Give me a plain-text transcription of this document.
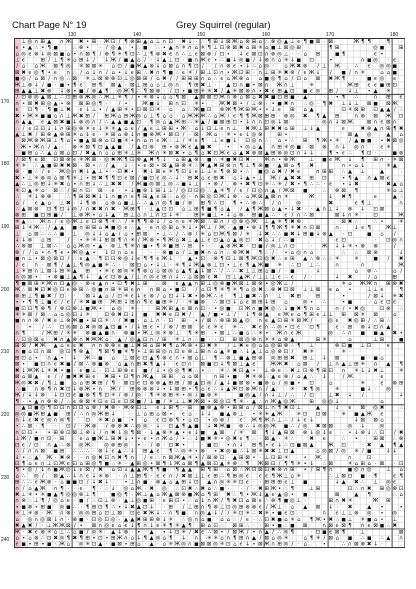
Chart Page N° 19	Grey Squirrel (regular)
130	140	150	160	170	180
170
180
190
200
210
220
230
240
⊥ ◎ ∩ ⊞ ▲ ∩ Ж ✖ • ⊞ · Ж ⊡ ∕ ¶ ⊗ ⊞ ▲ ⌂ ⊥ ∩ ⊡ ✖ ↓ · ∴ ¶ ⊞ ↓ ⊠ Ж ⌂ ⊗ ⊞ ⌂ ∴ ⊗ ◎ ▲ ⊥ ϵ ¶ ◼ ⊠ · ⊠	Ж ¶ ¶	¶ ·
ϵ • ▲ ∴ • ¶ ◼	∴ ⊗ • · ∕ ◎ ▲ · • ∴ ◼ ∴ • ▲ ∩ ✳ ∩ ⌂ ✳ ¶ ⊥ ⊡ ⊗ ⊠ ✖ ⌂ ⊞ ✳ ⌂ ◼ ⊥ ⊠ ◎ ⊞	¶ ⊞	◎ ◼	⊞
⌂ ◎ ϵ ⊗ ↓ ◎ ⊠ ◼ ⌂ • ∩ ⊠ ¶ ∕ ⊗ ¶ ✳ ¶ ⊡ ∴ ⊥ ¶ ⊗ ✖ ϵ ∩ ∴ ⊥ ϵ ⊠ ⊗ ∕ ⊡ • ↓ ϵ ⊠ ⊡ ∩ ⊗ ◎ ⊥ · · ⌂ ⊞	◼ ¶	ϵ •
⊥ ϵ · ⊞ ∕ ⊥ ¶ ✳ ⌂ ⊞ ↓ ∕ ↓ Ж ∕ ◼ ▲ ⌂ ∕ · ↓ ▲ ⊥ ⊡ · ◼ ∩ Ж ϵ • ∴ ◼ ↓ ◎ ◼ ∕ ↓ ⊗ ∩ ⌂ ✳ ↓ ◼ ⊡	•	∩ ◼ ◎ · ϵ
∕ ⌂ ⌂ Ж ⊠ ¶ ◎ ✳ ⊠ ⊠ ✳ ⌂ ⊡ ∕ ◼ Ж ▲ ⊗ ↓ ⌂ ⊠ ⌂ ∩ ¶ ⊡ ∕ ∕ ∩ ⊗ ϵ • ↓ ∴ ⌂ ◎ · ⌂ Ж ✖ ⊗ ∕ ⊥ Ж	∴ ϵ ◎ ◎ ◼
⊠ ✖ ϵ ◎ ¶ • ϵ ∩ ∴ ∕ ⌂ ↓ ∩ ∕ ⌂ • ↓ ϵ ⊞ ∴ ✖ ∩ ¶ ◼ ∴ ϵ ✳ ∕ ⊞ ⊥ ⊡ ∩ • Ж ⊡ ⊞ · ∩ ⊥ ⊞ ✳ ✖ ⊗ ∕ ϵ Ж ↓ ∕ ◼ ∕ ∩ ✳	⌂ ⌂ ◼
◼ ◎ ∕ ⌂ ⊠ ∕ ∩ ◎ ∴ ⊠ ✳ ⊥ ⊠ ⊗ ⊗ ⊡ ⊥ ◎ ⊠ ⊞ ∕ ⌂ ✖ ∕ ∕ ⊞ ⊞ ⊞ ∩ ⌂ ∴ ϵ ⌂ Ж ⊗ ⌂ ⌂ ◼ ◎ ¶ ⌂ ∕ ⊡ ⌂ ⊠ ✖ Ж ¶ · ◼ ϵ ◎ ϵ
Ж ⊥ ⊗ ↓ ∕ ◼ · ◼ • ¶ ϵ ⊞ ¶ ⊠ ▲ · ⊠ ⊥ ⊞ ⌂ ⌂ ⊥ ◎ ∩ ¶ ⊞ ✖ ⊥ · ▲ ⊡ ∩ ◼ • ⊠ ∩ Ж ∩ ⊥	✳	Ж ⊞ ϵ ϵ ◼ ⊞ ⊡
⊞ ▲ ▲ ⊥ ✖ ⊗ ↓ ⊗ • ◼ ∕ ⊗ ▲ ¶ ◎ Ж ¶ ∴ ¶ ⊠ ⊗ · ∕ ⊡ • ◼ ⊞ ✳ ✳ ✖ ∕ ▲ ✳ ⊠ ⊗ ∩ • ✖ ϵ ⊞ ▲ ⊡ ◼ ϵ ◎ ⊞ ∕ ↓ ⊥ • ▲ ✳
∕ ⊡ ⊗ ◎ ▲ ⊠ ⊥ ∴ ⊡ ⊞ ⊗ Ж ◎ ∴ Ж ⊥ ✳ ¶ ∕ • ✳ ⊗ ↓ ⌂ ⌂ ¶ ⊠ ▲ ⊠ ⊠ ⊡ Ж ∩ ⊗ ⌂ ⊠ ⌂ ✖ ✖ ◼ ⊡ ⊞ ◼ · ▲	· • ¶ ∴	∩ ⊞ ϵ
∩ • ⊠ ✖ ⊞ ◎ ▲ • ⊗ ⊠ ⊞ ◎ ¶ · ∕ •	Ж ◼ ↓ ⊞ ∩ ⊡ ✳ •	Ж ✖ ⊠ • ∕ ⊥ ⊗ · • ◼ ✖ ∩ ∴ ◎ · ¶ ✖ ⊥ ↓ ⊥ ⊠ ◼ ⊠ Ж
ϵ ⊡ ¶ · ¶ ◼ ⊥ ✖ ϵ ↓ ⊥ • ∕ ▲ ⊞ ✳ • ⊡ ⊠ ⊡ ✳ · ⌂ ⌂ ∴ Ж ◼ ⊡ ⊗ Ж ¶ Ж ⊞ Ж • • ↓ ϵ ⊞ ⌂ ▲	⊡ ✳ ⊠ ⊞ ⊡ ▲ ▲ ∕ ∴
✖ • Ж ✳ ◼ ◼ ⌂ ∩ ⊥ Ж ✖ ⊞ ∕ ⊞ Ж ⌂ ⊞ Ж ◎ ⌂ ⊥ ¶ ⌂ ⌂ · ⌂ Ж Ж Ж ∴ ⌂ Ж ∕ ϵ ¶ ¶ Ж ⊠ ⊞ ⊞ · ⊗ ◎ ✖ ¶ ▲ ⊞	∩ ⊗ ⊠ Ж ⊡
∩ ▲ ▲ ϵ ▲ ⊠ ✖ ◼ ↓ ⊗ ◎ ∩ ∕ ∴ ▲ ▲ ◼ ▲ ⊡ · ¶ ◎ ⌂ ▲ Ж ⊞ ∴ ✳ ▲ ∕ ◼ ⊠ ⊞ ⊡ • ↓ ∩ ∩ ⊡ ◎ ↓ ⊠	· ◎ ∩ ↓ ⊠ Ж	⊠ ∩ ϵ ⊠ ∩
∴ ∕ ϵ ⊡ ⊡ ↓ ↓ ∩ ⊞ ◎ ⊗ ✳ ϵ ↓ ✳ ✳ ▲ ⌂ ϵ ∕ ▲ ϵ ⊥ ⊞ ⊞ • Ж · ⌂ ↓ ⊡ ⊥ ϵ ∩ ⊥ · ✖ Ж ⊥ ⊞ ✖ ✖ ⌂ ⊞ ⊥ ↓ ▲	ϵ	✖ ⊗ ▲ ∩ ⊞ ¶ ✖
▲ ⊥ ✖ ∕ ⊞ ⊗ ▲ ⊗ ⊞ ✳ ⌂ ↓ ϵ · ✳ ⊞ ⌂ ⊗ ↓ ∩ ◼ ⊗ Ж • ⊠ ⊡ ∕ · ⊠ · Ж ⌂ · ✳ • ϵ ↓ ◎ ⊗	⊞ •	⊠ ▲ ◎	▲ ⌂
⊠ Ж ⊗ Ж ⊞ ⊥ ¶ ⌂ • ◼ ▲ ⊠ ⊗ ⌂ ⊡ ◼ ✳ • ∩ ⌂ ∩ ϵ Ж ∴ ⊥ ∕ ✳ ϵ ¶ ⊥ ϵ ◼ ↓ ⊡ ◎ ∩ ∴ ⌂ • ∴ ⊞ ¶ Ж • ✳ ∕ ▲ ◼ ◼ • ✖ ⊠ ◎
· Ж • Ж ∩ ∕ ▲ · ⊗ ✳ ⊠ ¶ ⊡ ▲ ▲ ◼ ∕ ▲ ⊡ ⊗ ⊞ • ⊗ Ж ϵ ▲ ◼ ✖	• • ◎ ⌂ ▲ ∩ ⊞ ✳ ◎ ◼ ⊠ ⊗ ∩ ↓ ◎ ∩	ϵ ✳ ·
◼ ⊞ ⌂ ∴ ▲ ⌂ ⊠ ⌂ ⊡ ∕ ✖ ▲ ∩ ⌂ ⌂ ⊞ ✳ ⊥ ✳ Ж ∩ ✳ ⊠ ✖ • ⌂ ¶ ⌂ ✖ ⊡ Ж ϵ ⌂ ▲ ✖ ⊗ ⊠ ▲ ⊞ ⊗ ◎ ⊡ ∩ ↓ ↓	¶ • ϵ ∴ ¶ ⊡ · · ◼ ⊗
∕ ⊠ ¶ ϵ ⊠ ⊡ ⊠ ⊗ ϵ ✳ Ж ⊠ · ◎ ✖ Ж ¶ ⊡ ⊗ ▲ ✖ ¶ ↓ ⌂ ⊞ ▲ ⊗ ∴ ◼ ∴ ✳ ◼ ✖ ⊡ ✖ · Ж ∩ • ⊗ Ж	⊥ ◼ ϵ Ж ↓ ¶ ⊞ ∩ · ✳ ⊠
✳ ✳ ∴ ▲ ◼ ⊞ ✖ ✖ ⊠ · ⊠ • ∴ ∕ ▲ ↓ · • ϵ ⊠ • ⊠ ▲ ⊞ ⊗ ✳ ∴ ✖ ▲ ✖ ⊞ ⊗ ∩ ¶ ⊥ ¶ ⊗ ◼ · ▲ ⊠ ⌂ ¶ ✖	∩ • ⌂ ↓	✳ ▲
⊗ · ◼ ∴ ∕ ϵ · Ж ◎ ∩ ✖ ↓ ▲ ⊥ • · ⊡ ✖ • · ✖ ↓ ⊠ ϵ ✳ ¶ ⊡ ↓ ϵ ⊥ ⊥ ϵ ¶ ⊗ ⊠ • ∴ ◼ ◎ ⌂ ✖ ∕ ✖ ϵ	∩ ⊞ ⊞ ∴ ▲ ⊥	▲	·
✖ • ⊥ ✳ ⊗ ◎ ⌂ ⊠ ¶ ✳ ⊥ • ⊞ ✖ ¶ ¶ ⊡ ϵ ⊠ ∕ ◼ ⊡ ϵ ◎ ∴ ↓ · ⊞ ✖ ⌂ ϵ ⊞ ✖ · ⌂ ↓ ▲ • ⊥ Ж ∕ ▲ ✖ ✖ ⊞ ⊡	• ¶ ▲ ∩ ▲ ⊠ ϵ
▲ ∴ ⊥ ◎ ⊞ ↓ ✳ ✖ ⌂ • ∩ ⊞ ↓ ∴ ⊥ ✖ ✖ ∕ Ж ◼ ◎ ⊠ ⊥ ◎ ∴ ◼ ↓ ⊥ • ⊗ ∕ ⊗ • ✖ ¶ ⊡ ✳ ∴ ✳ ∕ ✖ • ¶ ∴ ∴ · ϵ • ↓ ✖	✖ ▲ ⌂
✳ ⊡ ▲ ✳ ⌂ ⊠ ∴ ∕ ⊞ ∩ ⊡ ⊠ · ϵ · • ↓ ◼ ⊗ ↓ ⊞ ↓ ⊥ ∕ ◎ ⊡ ⊡ ◎ ∴ ▲ ✳ ¶ ∕ ϵ ∕ ⊡ ◎ ∩ ▲ ∕ Ж ⊠ ◼	∴ ⊗ ⊠ ¶	✳ ⌂ ⊥
∴ ✳ ↓ ⊗ ⊗	∴ ¶ ⊞ ⊠ ✖ ↓ ↓ ∩ ◼ ∩ ϵ ¶ ⊞ ▲ ϵ ⊞ ∴ ⌂ ◎ · ∩ ⊞ ◎ ⊡ Ж ↓ ⊗ · ⌂ Ж ⊠ ▲ ⊠ ∩ ✳	Ж	↓ ✖ ¶	ϵ	▲ ∴
⌂ ∕ ϵ ▲ ⌂ ⊥ ✖ · ↓ ¶ ⊗ ⌂ ⊗ ⌂ ◼ ⊥ ∴ ∴ ▲ ∩ ◎ ¶ ◼ ∕ ⊗ ⊞ ¶ ∴ ⊡ ¶ • ∴ ⊗ ∴ ∕ ∩ · ◎	✖	ϵ ¶ ⊥	∩
∴ ▲ ⊠ ⊗ ⊡ ¶ ⊡ ↓ ◎ ∕ ∩ ✖ ✖ ∩ ✖ · Ж ⊞ ¶ · ⊥ ▲ ⊡ ⊡ ⌂ ⊥ ⊞ ¶ ◼ ¶ ⌂ ▲ ∕ ▲ ¶ Ж ⊠ ⌂ ▲ • ↓ ✖ · ▲ ∩ ⊥ ↓ ⊗ ↓ ⊡ ⊠
⊗ ⊞ ◼ ⊡ ⊞ ◼ ∕ ⊥ ⊗ Ж • ⌂ ↓ ▲ · ⊞ ⊥ ⌂ ∩ ⊥ ∩ ⊡ ↓ ✳ · ⊞ ✳ ◼ ⊥ • ↓ ⌂ ⊗ · ⊞ ◼ ▲ ∴ · ϵ ∕ ∩ ∴ ⊠	⊠ ↓ ∩ ✳	⊡	Ж
✳ ▲ ∴ Ж ∩ ∕ ϵ ◎ Ж ⊥ ϵ ⊡ ⊗ ¶ ✳ ∴ ∕ ✳ ¶ ¶ ⊗ ↓ ∕ ⌂ ∩ ϵ ✳ Ж ⊠ ∴ ⊞ ∩ ∕ ◎ ⊗ ◎ Ж ⊥ ▲ ✳ ¶ ✖ ⊗	⊠ ✖ ∴	∴ •	✳
⊞ ↓ ✳ Ж ∴ ∕ ▲ ▲ ◼ ∩ ⊞ ⊞ ⌂ ✖ ◼ ◎ ϵ ∴ ▲ · ϵ ∩ ◎ ⊞ ⌂ ✳ ↓ • Ж ⊥ ∕ Ж · ▲ ◼ • ⊗ ↓ ¶ ¶ Ж ¶ ✳ ✖ ∩ ⊡ ⊠	∩	↓ ϵ ¶	Ж ⊥
⊥ ⌂ ⊠ ∴ ∴ ∴ ◼ · ⊥ ◎ ↓ ↓ ⌂ ▲ ∕ ⌂ • ⊞ ⊠ • ⊥ ∴ ∕ ∴ ⊗ ∕ ✳ ⌂ ⊡ Ж ¶ ⊠ ∕ ✳ ↓ ✖ ∴ ∴ ◼ ✖ ↓ ⊞ ◼ ↓ ⊗ ▲ · ⊡	◼ ⌂ ∕
↓ ↓ ⊗ ⌂ ⊞	∕ · • ✳ ✳ ↓ ⊞ ⊠ ¶ ∩ ✳ ∕ Ж ⊗ • ¶ Ж ⌂ ✖ ⊥ ▲ ⊥ ϵ ⊡ ▲ ⌂ ▲ ◎ ⊡ ✖ ⌂ ↓ ∕ ∴ ◼	ϵ ⊡	· ⊡ ◎ ∩
∴ ⊗ ⊠ ⊥ ⊠ ∴ · ⌂ ⌂ Ж ◎ • ▲ · ⊗ ⊥ ¶ ✳ ∩ ◼ • ¶ ✳ ◼ ⊞ ∴ ⊞ • · ▲ ⊗ Ж ✖ · ⊡ ◼ ∕ ◎ ⊥ ∩ ⊡	· Ж ↓ ↓ ✳ • ⊗ ⊗	∕
⊗ ∕ ∕ ⌂ • ∩ ¶ ϵ • Ж ◎ ▲ • ↓ ⊡ ∩ ⌂ ϵ	· · ⊗ ◼ ⌂ ∕ ⊥ ◼ ✖ ∩ ⌂ ∩ ∴ ⊗ Ж ✖ ¶ ∴ ∕ • ⌂ ◎ ∩ ⌂	∴ ∴ ⊠ ⊗	↓
◼ ∩ ⊥ • ⊠ ◎ ⊠ ⊡ ∕ ∴ ϵ ▲ ∴ ¶ ⊡ ⊡ ⊗ ◎ ↓ ϵ ¶ ¶ ϵ Ж ↓	▲ • ⊡ ⊗ ¶ ⊡ ⊥ ⊠ ¶ Ж ⊡ ◎ ✖ ∴ ϵ ⊞ ▲ ∴ ⊗ ∴ ∴ ✳	✳	◼ ∕ ✖
∕ ϵ ∩ · ⊠ ¶ ∕ ▲ ⊥ ¶ ◎ ▲ ◼ ✳ ∴ · · ⊠ ⊡ ⌂ • ↓ ⊥ · ✳ ¶ ↓ Ж ▲ ⊗ ⊥ ⊡ • ⊥ ϵ ¶ ▲ Ж ◼ ✳ ∴ ⊡ ⊥ ∴	∩	∩	Ж
⊥ ✳ ⊞ ∩ ⊥ ⊠ ↓ ⊞ ✳ ▲ ⊞ • ✳ ϵ ⊠ ◎ ✳ ¶ ⊗ ⌂ ⌂ ⊠ ◎ ⌂ ▲ ¶ ▲ ↓ ⊠ ∴ ∕ ∴ ∴ ✖ ⊥ ⊥ ⊞ ⌂ ◼ ∕ · ◼	↓	⌂ ⊗ ∴	⌂ ∕
∩ ◎ ⊠ • • ⊗ ◼ ⊥ ▲ ¶ ↓ ▲ ϵ ⊡ ⊗ ▲ ∕ ⊥ ∩ ◎ ϵ ⊞ ∩ ↓ ∴ ⌂ ⊠ ⊠ ϵ ✖ ⊡ ⊥ ▲ Ж ∕ ⊥ ⊥ ⊥ ϵ ∴ ϵ ∕ ·	↓ ✖	∕ ⌂	⊞
¶ ◼ ⊠ ⊞ ✳ Ж ∩ ⊡ ▲ ◎ · ⊗ ϵ ▲ ∩ • ⊡ ¶ ✖ ⊥ ⊞ ∴ ⊠ ϵ ▲ ▲ ∩ ⊞ ⊥ ◎ ⊗ ◼ Ж ⊠ ⊥ ⊠ ⊗ • ◎ Ж ⊥ ∕	✳ ⌂ Ж Ж ∩ ⊞ ⊗ ✖
Ж ∴ ⊠ ✖ ⊡ ✖ ◎ ⊡ ϵ ⊗ ⊞ ∴ ◎ ◼ ∩ ⊞ ✳ ⊞ ϵ ∩ ∩ ⊠ ⌂ • ◼ ⊡ ∕ ⌂ ⊡ ¶ ✳ ¶ ✳ ¶ ⌂ ◎ ✖ ∴ ⊗ ✖ ⊡ ⊠ ⊥ ⊥ ⊠ ϵ ⌂ •	⊥ ⊥ ϵ	¶
⊗ ⊞ ⊥ ¶ ◼ ✖ ∕ ⊡ · · ⊠ ↓ ▲ ⌂ ∕ ⊡ ✳ ϵ ↓ ϵ ⊗ ∕ ⌂ ⊡ ↓ ↓ ✖ • ⊗ Ж ∴ ϵ ¶ ⊥ ◼ ✖ ∴ ∩ ⊥ ✖ ⊞	⊞	•	∕ ⊠ ↓ ✳ ✖
• • ¶ ¶ ⊥ ◼ ϵ ∕ ϵ ∕ ✳ ✖ ◼ ⊞ Ж ⊞ ↓ ⊞ ∩ ¶ ϵ ◼ ⊞ ✳ ∕ · ✳ ◼ ⊗ ∴ ⊠ ⊡ ↓ ⌂ ϵ ⊠ ⊞ ↓ ⊞ ⌂	◎ • ∴	• ◼	⌂ ϵ ⊡ ϵ
◼ ⊡ ⊡ ¶ ⊗ ¶ ∕ ⊗ ⊡ ⊗ ⊥ ◼ Ж • ⌂ ◎ ✳ ·	⊞ Ж ⊞ ▲ ϵ ⊠ ∩ ⊡ · • ◎ ◼ ⊡ Ж ∩ ◼ ✖ ◎ ∴ ↓ ◼ ✖ ¶ ∩ ⌂	∩ ∕ • ✖ ◎	⊡ ⊗ ∴
✳ ✳ ⊠ ∕ ⊠ ∴ ⌂ ⌂ ◎ ⊡ ↓ ✳	⊡ ⊗ ✖ ⊡ ↓ ◼ ✖ ✖ ϵ ⊡ ✖ ∕ ▲ ∕ ◼ • ⊥ ∕ ↓ ¶ ⊗ ▲ ϵ Ж ϵ ⌂ ¶ ⊞ ϵ ⊥ ⊥ ⊞ ⊠ ✳ ⊠	⌂
◼ ∩ ∩ ⊗ ∕ ✖ ϵ ⊥ ⊗ Ж ◼ • ⊞ ⊡ ✳ ∴ ∕ ✖ ◼ · ⌂ ⊥ ∩ · ⊡ ⊞ · • ∕ ⊠ ∴ ⊗ ⊞ ⊠ ▲ ◎ ∩ ϵ ▲ ⊡ ⊞ ✳ ⊠ Ж ∕	◎ ϵ ✖ ◎ ⊞ ∕ ∴ ⊞ ∴
· • ∕ ∴ ⊡ ◎ ⊠ ⌂ ✖ ◎ ⊠ ▲ ⊡ ◼ • ∕ ↓ ⊞ ϵ • ∕ ⊗ ∕ ⊞ ⊠ ϵ ϵ ✳ ϵ ✳ ∴ ✖ ϵ ∩ ∴ ◎ • ⊡ ϵ ⊡ ¶	ϵ · ⊞ ⊗ ↓ ⊡ ∩ ▲ ·
∩ ¶	∕ Ж ⊞ ∕ ✳ ✳ ⊗ ◼ ▲ ◼ ∩ ⊗ ◼ • Ж ⊥ ◎ ✳ ⊗ ⊥ ¶ ✳ ⊞ • ⊠ ⊥ ∴ ◼ ⌂ ∴ ✳ • Ж ∩ ϵ Ж	◎ ∴ ∩ ◼ ◼ ▲ ✖ •
∴ ⊡ ◎ ⊠ ϵ · ✖ ∩ ▲ ⊗ ∩ ✖ Ж Ж ⌂ ▲ ∕ ◎ ▲ ⊡ ∩ ∕ ⊞ ✳ ⊥ ∩ ∴ ◼ · · ⊡ ⊞ ⊠ ◎ ⊗ ∩ ✳ ✳ ⌂ ⊗ ▲	⊞ ✳	⌂	⊥ ⊞ · ◼
⊞ ⊠ ∕ ✖ Ж · ▲ ⌂ ϵ ϵ ✖ ∩ ∩ ⊗ ⊗ ϵ ◼ ⊥ ✖ ⊞ ⌂ ⊞ ✖ ¶ ⌂ Ж ⊗ • ⊡ ✖ ✳ ∕ ⊥ ✖ ϵ ◎ ⌂ ⌂ ◎ ⊞ ⊗ ∴ ¶ ⊥	⊗ ⊡ ◼ ⊥ ⊡	ϵ
∩ ◼ ⌂ ⊡ ∩ ⊠ ◎ ⊡ ¶ ⊗ ▲ ¶ ⊠ ¶ ◼ ✳ ¶ • ⊥ ⊞ ⊞ ◎ ∩ ⊡ ϵ ⊗ ⊥ ⊞ ∩ ⌂ ▲ ✳ ◼ ∴ ↓ ▲ ⊥ ⌂ ◎ ⊗ ⊡ ∕ ✖ ✳	· ✳ ·
⊞ ⊡ ⌂ • ∩ ▲ • ↓ Ж ∴ ◼ ⌂ ⊥ ⊠ ϵ ⊡ ▲ ¶ ⊗ ϵ ∩ • ⊠ ⌂ ⊥ ¶ ∴ ⊗ ⊥ ◼ ▲ ⊞ ⊗ ◎ ⊞ ⊞ ✖ ⊞ ⊥ ↓ ⊠	◼ · ◼ ⌂
⊠ • ◼ ⊡ ∩ ϵ ✖ ◼ ∕ ⊠ ∴ ⊗ ◼ ⊗ ⌂ ▲ ∩ ⊞ ✖ ¶ ▲ ↓ ϵ ⊡ ∩ ⊠ ◼ ⊡ ↓ ¶ ⊠ ⊥ ▲ ϵ	Ж Ж ✖ · ⌂ ⊠ ∕ ⊥ ∩ ▲ ⊥ ⊞ ✳ ∩ ▲ ¶
✖ ↓ Ж Ж ↓ ✳ ✖ • ◼ · ϵ ◼ ⊥ · ⊡ ⊥ ⊞ ⊗ ϵ ◼ ∕ ↓ • ◎ ◎ ¶ ✖ ∴ • ∴ ✳ ∴ ✖ ⊡ ▲ • ⊥ ⊗ ϵ ∴ ✖ ⊥ ⊡ ⊗ ¶ ⊞ ⊡ ∩ ✳ ↓ ↓ ✖ ⊥	✳
⊠ ⌂ ⊠ ▲ ϵ ∕ ∕ ◼ ✖ ✖ ⊞ ϵ ✖ ⊞ • ⊡ ¶ ∩ Ж ▲ ⊞ ⊞ ⌂ ⌂ ⊠	∩ ⊞ • ◼ ✖ ✳ ⊗ ∴ ▲ ϵ ⊗ ∕ ⌂ ▲ ∴ ↓	∕ Ж	ϵ
Ж ◎ ✖ ✖ ∕ ¶ ⊥ ◼ ⌂ ⌂ ⊞ ✖ ⊞ ∕ ¶ · ⊠ ⊡ ϵ ⊡ ⊗ ⊗ ▲ ⊞ ⊞ ∕ ⊠ ▲ ⊡ ◎ ∕ ▲ ↓ ◼ ⊠ ⊗ • ◼ ⊗ ⌂ ∕ ◎ ◼ • ⊡	⌂	✳	ϵ ⊗ ⊞
∴ ◼ ∩ ⊗ ¶ ∩ ✖ ⊡ ↓ ⊗ Ж • ∩ Ж ∕ ⊞ ⊗ ⊗ ⊗ ↓ • ↓ ⊠ ⊞ • ¶ ⌂ ϵ ∴ ↓ ▲ Ж ⊡ ⊗ Ж ∩ ∕ ▲	✳ ✖ ¶ ◎	✳	◼ ↓ · ◎
Ж ∕ ↓ ↓ ⊗ ↓ ⊡ ⊡ ϵ ◼ ⊗ ¶ ¶ ⊡ ✳ ∕ ⊗ ∕ ◎ · ¶ ✳ ⊗ ⊞ ✳ • ◎ ∕ ◼ ⊗ ✳	◼ ◎ ▲ ∕ ∩ ↓ ⊥ ∕ ∴ ∕ ⊡	⊥ ✖ ↓ ∕	↓
¶ · • ▲ ∩ ⊗ ⊗ ∕ ∴ ϵ ⊗ ⊠ ✳ ⊡ ϵ ⊡ ϵ ⊡ ⊠ ◼ ∕ ↓ ◼ ∕ ✳ ⊥ ⊥ ✖ Ж ⊠ • ⊠ ◎ ⊡ ¶ ✳ · ▲ ∴ ∩ Ж ▲ ◎ Ж · ⊞ ◎ ◎ ↓	·	⌂
▲ ⊡ ◼ ◎ ¶ ⊡ ⊡ ∩ ⊡ ⊡ ⌂ ⊗ ∕ ✖ ⊗ · Ж ⊗ ⊡ ⊥ ϵ ↓ ⊞ ¶ · ⊞ ◼ ⊗ ▲ ⊗ • ⊞ ⊞ ⌂ ∕ ⊠ ⊥ ∩ ¶ ✖ ⊡ ⊥	▲	↓ ϵ ⊠ ◎ ✖	∴
◎ ◎ ◼ Ж ⊞ ▲ ◼ ⊞ ∕ ∴ ∩ ◎ Ж ⊞ ↓	· ⊥ ⌂ ⊞ ⌂ ⊠ • ϵ ⌂ · ↓ ↓ ◼ ▲ ⊗ ⊥ • ✳ ✳ ▲ Ж	✳ ⊡ ⊡ ⊠	✳ ◼ ▲ Ж ϵ
∩ ↓ ϵ ✖ ϵ ◎ ∩ ◎ ¶ · ⊡ ✳ ✖ ⌂ ◼ • ⌂ ϵ ⊡ ⊗ ¶ • ⌂ ⊡ • ◎ ⊗ ∕ ϵ Ж ¶ Ж ∩ ⊥ ∴ ∕ ↓ ϵ ↓	↓ ⊠ ⊠ ⌂ ·
• ∴ ⊠ · ¶ · ⊡ ∕ · Ж ⊗ ∕ ⊗ ⊗ ✖ ∴ ◎ ◎ · ↓ · ⊡ ▲ ¶ ▲ ◼ ↓ ✖ Ж ◼ ⊗ ∴ ↓ ◎ ◎ Ж ◼ ∴ ∕ ◎ ✖ ⊠ ⊠	◎ ↓	◎
∩ ⊡ ⊡ • • ⊞ ⊗ ⊡ ⊠ ⊥ ⊗ ↓ ∕ ∩ ✖ ↓ ◎ ¶ ⊠ · ↓ ▲ ⊗ ✳ ▲ • ϵ ↓ ◼ ▲ ⊠ ∕ ✳ ⊠ ¶ ↓ ▲ ⊞ ⊠ ⊗ ↓ ◎ ↓ ϵ	• ↓ ⊗ ↓ ∴ ⊡ ∕ ✖
⊥ Ж ∕ ◼ ∩ ⊡ · ⊞ ∴ ϵ ⌂ ◼ Ж ⊥ ⊞ ✖ ↓ • • ϵ • ∩ Ж ⌂ ∕ • ∴ ↓ ◼ ✖ ✳ • ◎ ✖ ϵ ¶ ∴ · ⊠ ▲ · ✳ ∴	✖ ϵ	∴ •	⊞ ⊠ ∴ ⊗
⊡ ϵ ∕ ⊡ ∩ ▲ ∴ ⊗ ◎ Ж	◎ ⊗ ⊞ ◎ · • · ∕ ⊗ · ⊡ ✖ •	· ◼ ⊡ • ∩ ↓ ⊞ ¶ • ϵ ↓ ∴ ⊡ ◼ ⊠ ▲	Ж ⊡	· ✖ ▲ ¶ ▲
∴ ∕ ∩ ∩ ⊠ ◼ ⊞ ∴ ∴ ∴ · ⊗ ↓ ϵ ▲ ∴ ↓ ⊞ ▲ ϵ ¶ ∴ ◎ ✳ • ⊗ • ✖ ◎ ◼ ∴ ↓ ⊠ ✳ ✖ ✖ ⊥ ⊡ ▲	⌂ ◎ ⊠ ∕ ◎ ✳ ∕ ◼	↓ ↓
↓ • ∴ ▲ Ж · ✖ ⊗ · · ∩ ◎ ✖ ⊡ ∩ ✖ ¶ ∩ ∕ ϵ ∴ ∩ ⊠ Ж ▲ ✳ • ∕ ⊠ ⊗ ⊡ · ▲ ⊞ ⊠ • · ⊥ ⊡ ⊞ ✳	• Ж	∩	⊡
⊡ ¶ ⌂ ϵ ∩ ⊥ ⊡ Ж ϵ ⊡ ⌂ ⊞ ◎ ¶ ◼ ∴ ✳ · ▲ ⊞ ◎ • ⊠ ¶ ↓ Ж ⌂ ⊠ ¶ ▲ ⊠ ⊡ ▲ ✳ ⊗ ∴ ¶ Ж ⊠ ⊡ ∕ ¶ ¶ ✳ • ↓ ∴ ⊠	✳ ⌂ ⊞ ⌂ · ⊠ · ⊡
¶ • ◎ ∕ ↓ ∩ ◼ Ж ◎ ↓ ϵ ⊠ ∕ ✖ ⌂ ⊡ ↓ ▲ ▲ Ж ¶ ¶ ◼ ¶ ▲ ▲ ⊞ ¶ ⊞ ⌂ ⊠ ∴ Ж ⊡ ⊠ ⊡ ✖ ⊗ ∩ ⊞ • ∕ ⊞ ¶ ∩	◼ ◎ ∩ ◎	⊥ ⌂
⌂ ∴ ◎ ∕ ⊠ ▲ ∴ ↓ ∩ ϵ ↓ ✳ ⊗ · ∩ ⊥ ⊞ ¶ · ϵ ϵ ∩ ∕ ✖ ⊠ ⊥ ⊥ ϵ ⊞ ∴ ¶ ⊞ ◎ ϵ ϵ ϵ ¶ Ж ⊥ ⌂ ✳	∴ ⊥ ⊠ ⊡ ◼ · ¶	ϵ ¶
⊞ ∴ ∴ ϵ Ж ⊗ · ⌂ ◼ ◼ ⊡ ∕ ↓ ✖ ↓ · • ⊥ ∩ ◼ · ⊗ ▲ ⌂ ▲ ⊞ ↓ ⊡ ▲ ∩ ◎ ✳ ✳ ⊡ ϵ · · ⊞ ⊞ ⊞ ϵ ⊥ ◼	↓ ▲ ✖ ∴ ⊥ ◎ ϵ
∩ ∕ ⌂ ▲ Ж ∩ ¶ · · ϵ ¶ · ∴ ↓ ◎ ⌂ Ж · ✖ ◎ ∴ ⊡ ✖ ∴ ✖ ⌂ ∴ ◼ · · ∕ · ✖ ⊞ Ж • ∴ ¶	⊥ ⊞	⊡ ∴ ∩ ✖ ⊞ ◎ ⊗ ⊡
✖ ⊥ ✳ • ✳ ◼ ▲ ¶ ◎ ◎ ⊗ ⊥ ¶	◼ ◎ ¶ · Ж ⊥ ▲ ⌂ Ж ▲ ⊠ ⊗ ◼ Ж ⌂ ¶ ⊞ ✖ ∴ ¶ • Ж ↓ ▲ ϵ ▲ ◎ • ◼	⊠	▲ ¶	∴ ⌂
∩ ⊗ ∴ ⊥ ¶ ∕ ◎ ⌂ ϵ · ◼ ∕ ∴ ⊡ ⊥ ⊗ · ▲ ⊥ ◎ ◼ ⊞ ϵ ⊞ ⊡ • ∴ ⌂ ↓ ∩ Ж ∕ ¶ ✖ ⊡ ⌂ ⊠ ϵ ∴ ⊗ ¶ ◼ ◎ ⊥ ·	⊞ ∩ ✖ ✳	Ж ⊞
• ◼ ⊗ • ⊞ ◼ ◎ ◼ ∴ · ¶ ⊞ ⊡ ¶ ∴ • ↓ ✖ ▲ ⊡ ↓ · ⊞ ∕ ⊥ ⊞ ∩ ¶ ⊗ ⊥ ⊡ ◎ ⊞ ⊗ ⊗ ϵ ∕ Ж ⊥ · ⌂ ▲ ⊠ ↓ · ✖	▲ •	•
✳ ⊥ ✳ ⊗ · Ж ∩ ⊗ · ◎ ◎ ⊞ ⌂ ⊡ ⊥ ⊠ ⊡ ϵ ✖ Ж ↓ ∴ ∩ ¶ ◼ ∩ ◎ ▲ ↓ ∕ ∕ ✳ ⊡ ✳ ∴ ✖ ✳ • ◼ ϵ ⊡	∩ ϵ ⊥ ⊥ ⊗ ◎ • ◎
⌂ ◎ ∩ ◎ ⊠ ↓ ∩ · ⊗ ◼ · ⊡ ◎ ⊡ ◎ · ▲ ▲ ✖ ⊞ ⊞ ⊗ ↓ ✳ ∴ ◎ ∩ ⌂ ◼ ⌂ ⌂ ∴ ∕ ϵ · ∴ ⊡ ✖ ◼ ⌂ ✳ ⌂ ¶ Ж • ✖ ∴ ◼ ⊥ ✳ ◼ ⌂ • ⊥
✖ ▲ ✖ ∕ · ⊥ Ж Ж ⊠ ∕ • ⊠ ∩ ◎ ϵ ⌂ ϵ ↓ ¶ ∩ ↓ ϵ ✳ ¶ ✳ ▲ ¶ ⊞ ⌂ ⊡ ∴ ⊠ ⊞ ∴ · · ⊞ • ◼ ∴ ◼ ⊠	∩ ⊠ ϵ ⊠ ¶ ∩ ϵ ⊠ ◼ ∴ ✖
Ж · ✖ ϵ ⊗ ✳ ⌂ ⊥ ∴ ⌂ ◼ ∕ ◎ ✳ ▲ ↓ ⊗ · • · ▲ • ↓ ⊡ ✳ ∕ ✖ ϵ ∴ ⊠ • ∕ ⊠ Ж ∕ • ∩ ▲ ∕ ∴ ◎ ¶	· ⊡ ◼ ϵ ⊠ ¶ · ⊥	⊠
⌂ • ⌂ ⊗ ∴ ⊡ ✖ ◎ ¶ ✖ ¶ ⊞ • ⊡ • ⊞ Ж ∩ ⌂ ↓ ¶ ▲ ◎ ⌂ ¶ ↓ ∩ ✳ ✳ ⌂ ∩ ¶ ⊞ ∩ ▲ ∕ ⊠ ⌂ ◎ ✳ · ⌂ ¶ ✳ ∕ ⊠ ⌂ ◼ ∴ ◼ ∴ ▲ ∩
ϵ ◼ • ⊞ • ◼ · Ж ⌂ ◎ ✳ ⊡ ▲ · ◼ ⊠ • ⊞ ⌂ · ▲ · ⌂ ✳ Ж ◎ ∩ ◼ ⊠ ⊠ ◎ ✳ ⊡ ⌂ ϵ ↓ • ⊠ Ж ∩ ⊞ ◎ ∕ · ⌂	•	∴ ∩ ⊠ ⊗ ✖ ↓ ·
